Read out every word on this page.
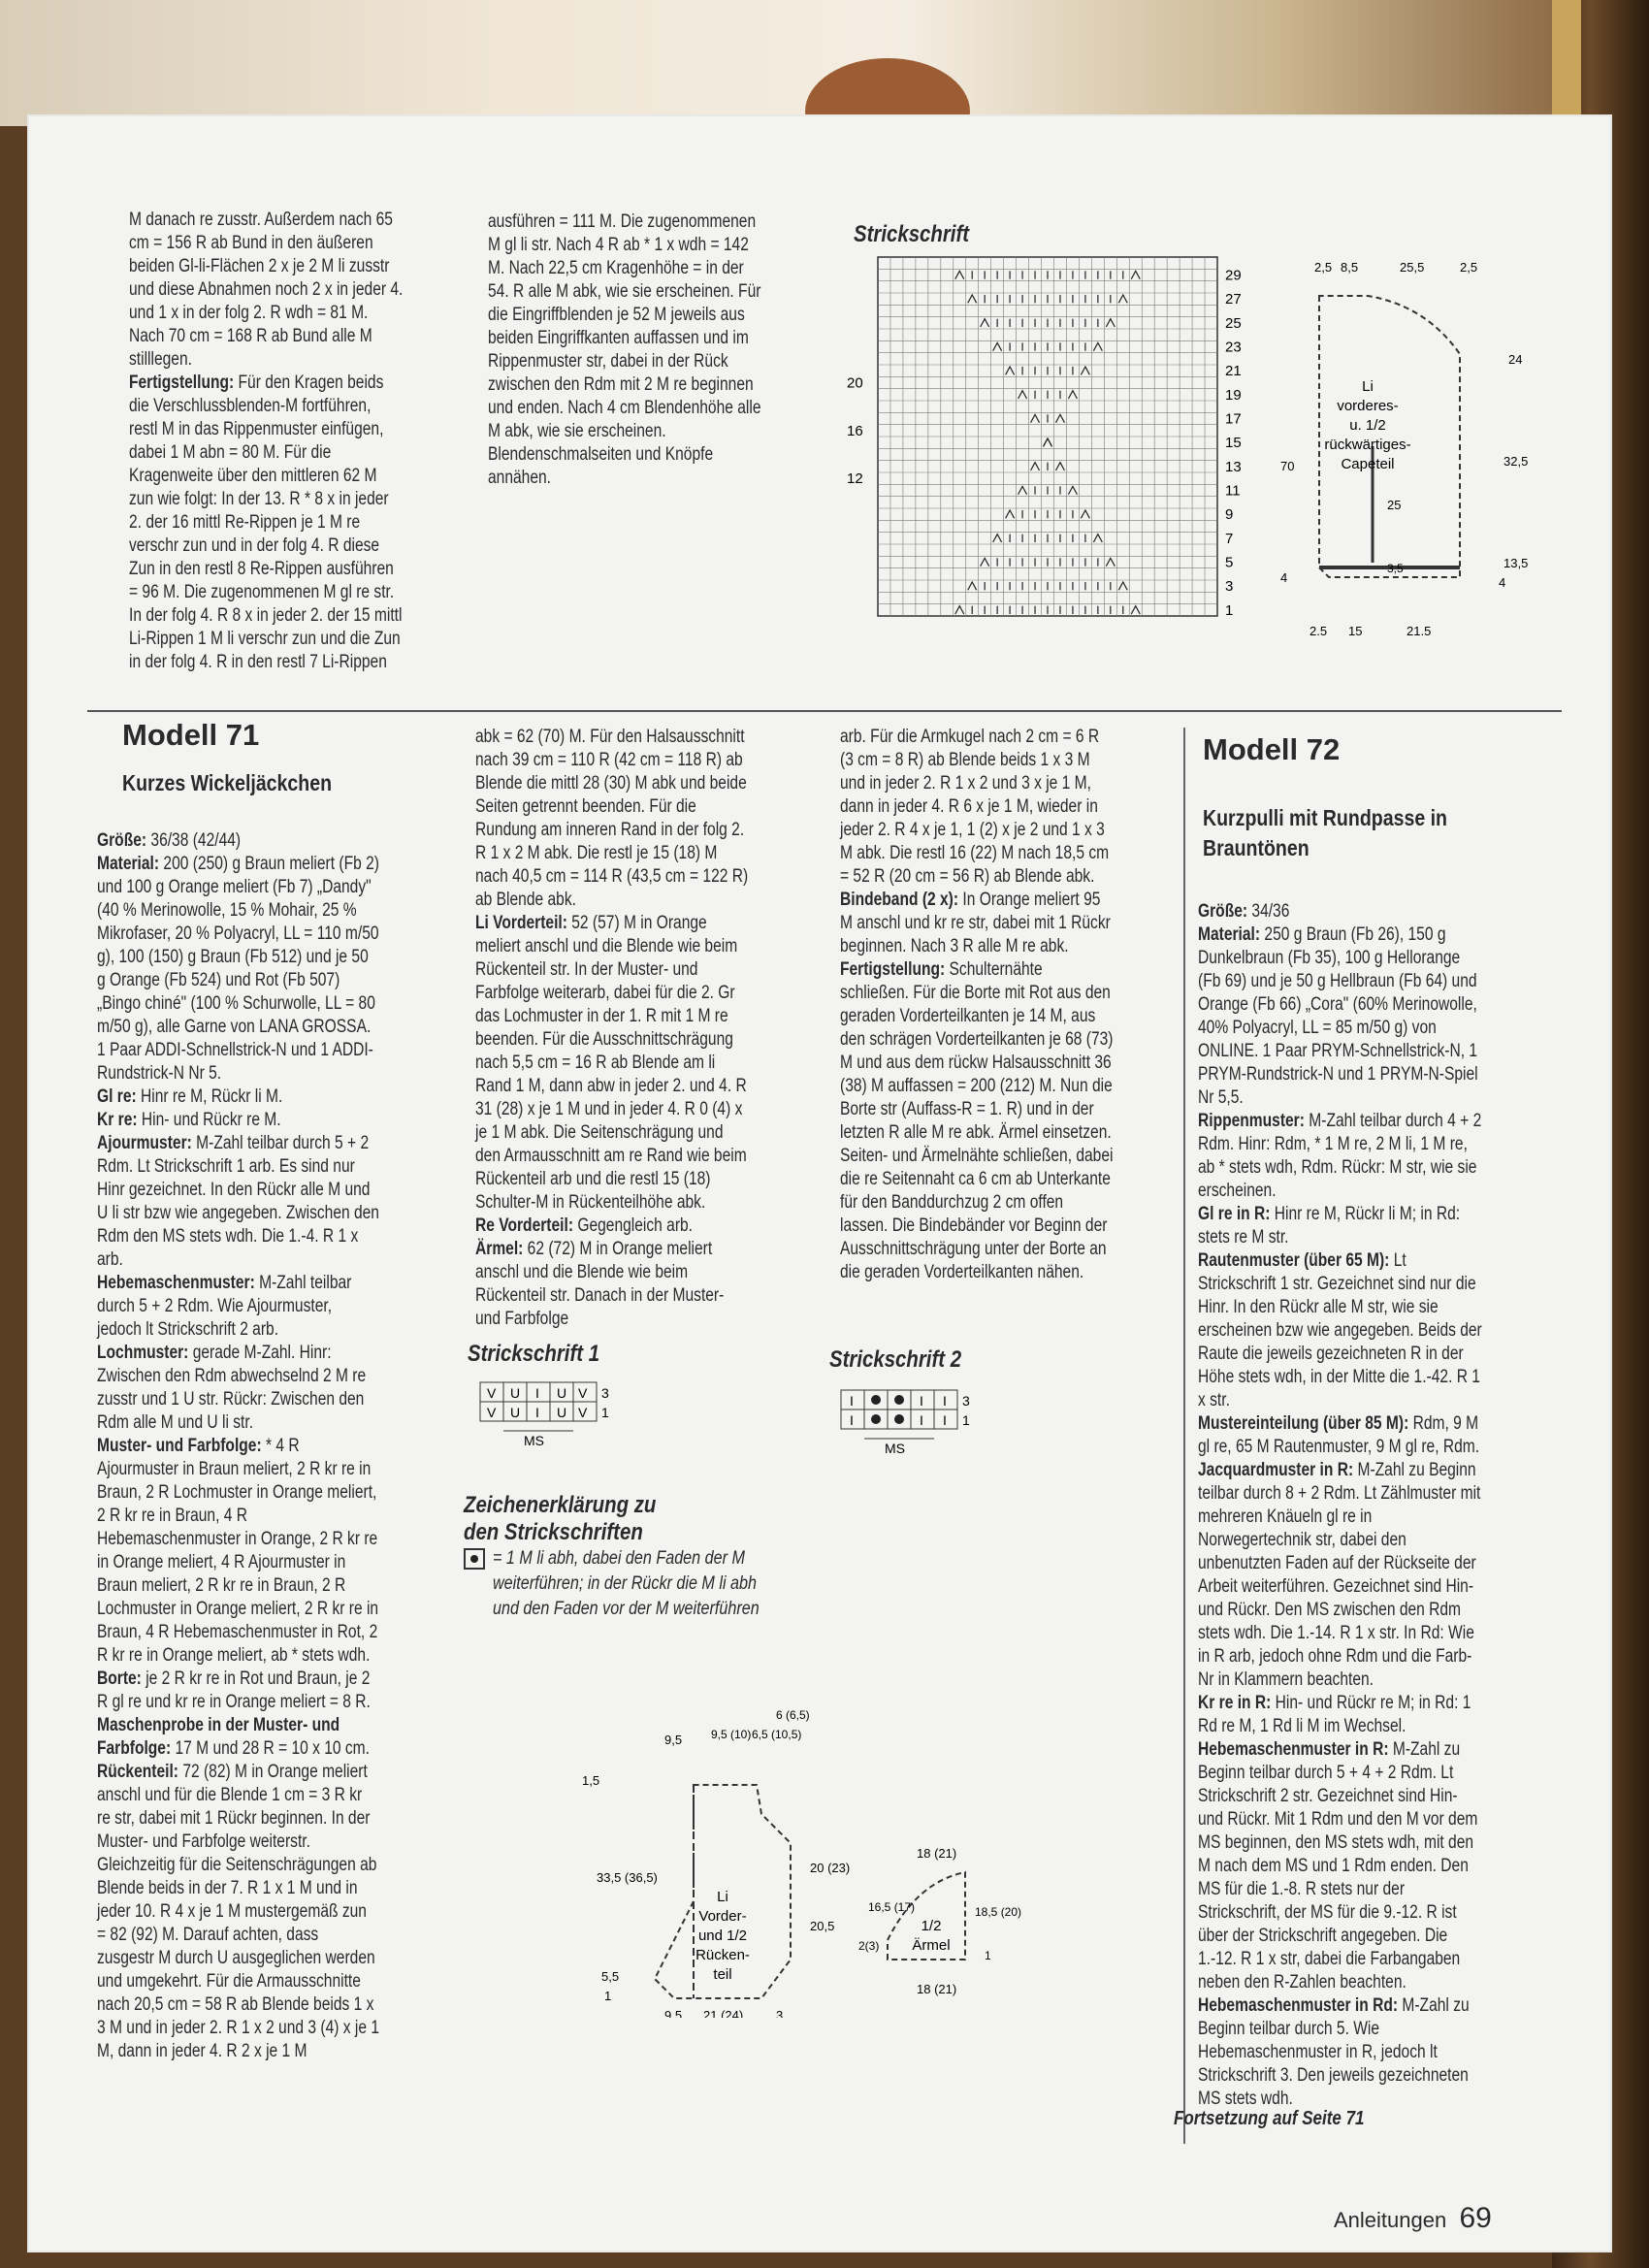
M danach re zusstr. Außerdem nach 65 cm = 156 R ab Bund in den äußeren beiden Gl-li-Flächen 2 x je 2 M li zusstr und diese Abnahmen noch 2 x in jeder 4. und 1 x in der folg 2. R wdh = 81 M. Nach 70 cm = 168 R ab Bund alle M stilllegen.

Fertigstellung: Für den Kragen beids die Verschlussblenden-M fortführen, restl M in das Rippenmuster einfügen, dabei 1 M abn = 80 M. Für die Kragenweite über den mittleren 62 M zun wie folgt: In der 13. R * 8 x in jeder 2. der 16 mittl Re-Rippen je 1 M re verschr zun und in der folg 4. R diese Zun in den restl 8 Re-Rippen ausführen = 96 M. Die zugenommenen M gl re str. In der folg 4. R 8 x in jeder 2. der 15 mittl Li-Rippen 1 M li verschr zun und die Zun in der folg 4. R in den restl 7 Li-Rippen

ausführen = 111 M. Die zugenommenen M gl li str. Nach 4 R ab * 1 x wdh = 142 M. Nach 22,5 cm Kragenhöhe = in der 54. R alle M abk, wie sie erscheinen. Für die Eingriffblenden je 52 M jeweils aus beiden Eingriffkanten auffassen und im Rippenmuster str, dabei in der Rück zwischen den Rdm mit 2 M re beginnen und enden. Nach 4 cm Blendenhöhe alle M abk, wie sie erscheinen. Blendenschmalseiten und Knöpfe annähen.

Strickschrift
29
27
25
23
21
19
17
15
13
11
9
7
5
3
1
20
16
12
Li
vorderes-
u. 1/2
rückwärtiges-
Capeteil
2,5 8,5	25,5	2,5
24
32,5
13,5
70
25
3,5
4	4
2,5 15	21,5
Modell 71
Kurzes Wickeljäckchen

Größe: 36/38 (42/44)

Material: 200 (250) g Braun meliert (Fb 2) und 100 g Orange meliert (Fb 7) „Dandy" (40 % Merinowolle, 15 % Mohair, 25 % Mikrofaser, 20 % Polyacryl, LL = 110 m/50 g), 100 (150) g Braun (Fb 512) und je 50 g Orange (Fb 524) und Rot (Fb 507) „Bingo chiné" (100 % Schurwolle, LL = 80 m/50 g), alle Garne von LANA GROSSA. 1 Paar ADDI-Schnellstrick-N und 1 ADDI-Rundstrick-N Nr 5.

Gl re: Hinr re M, Rückr li M.

Kr re: Hin- und Rückr re M.

Ajourmuster: M-Zahl teilbar durch 5 + 2 Rdm. Lt Strickschrift 1 arb. Es sind nur Hinr gezeichnet. In den Rückr alle M und U li str bzw wie angegeben. Zwischen den Rdm den MS stets wdh. Die 1.-4. R 1 x arb.

Hebemaschenmuster: M-Zahl teilbar durch 5 + 2 Rdm. Wie Ajourmuster, jedoch lt Strickschrift 2 arb.

Lochmuster: gerade M-Zahl. Hinr: Zwischen den Rdm abwechselnd 2 M re zusstr und 1 U str. Rückr: Zwischen den Rdm alle M und U li str.

Muster- und Farbfolge: * 4 R Ajourmuster in Braun meliert, 2 R kr re in Braun, 2 R Lochmuster in Orange meliert, 2 R kr re in Braun, 4 R Hebemaschenmuster in Orange, 2 R kr re in Orange meliert, 4 R Ajourmuster in Braun meliert, 2 R kr re in Braun, 2 R Lochmuster in Orange meliert, 2 R kr re in Braun, 4 R Hebemaschenmuster in Rot, 2 R kr re in Orange meliert, ab * stets wdh.

Borte: je 2 R kr re in Rot und Braun, je 2 R gl re und kr re in Orange meliert = 8 R.

Maschenprobe in der Muster- und Farbfolge: 17 M und 28 R = 10 x 10 cm.

Rückenteil: 72 (82) M in Orange meliert anschl und für die Blende 1 cm = 3 R kr re str, dabei mit 1 Rückr beginnen. In der Muster- und Farbfolge weiterstr. Gleichzeitig für die Seitenschrägungen ab Blende beids in der 7. R 1 x 1 M und in jeder 10. R 4 x je 1 M mustergemäß zun = 82 (92) M. Darauf achten, dass zusgestr M durch U ausgeglichen werden und umgekehrt. Für die Armausschnitte nach 20,5 cm = 58 R ab Blende beids 1 x 3 M und in jeder 2. R 1 x 2 und 3 (4) x je 1 M, dann in jeder 4. R 2 x je 1 M

abk = 62 (70) M. Für den Halsausschnitt nach 39 cm = 110 R (42 cm = 118 R) ab Blende die mittl 28 (30) M abk und beide Seiten getrennt beenden. Für die Rundung am inneren Rand in der folg 2. R 1 x 2 M abk. Die restl je 15 (18) M nach 40,5 cm = 114 R (43,5 cm = 122 R) ab Blende abk.

Li Vorderteil: 52 (57) M in Orange meliert anschl und die Blende wie beim Rückenteil str. In der Muster- und Farbfolge weiterarb, dabei für die 2. Gr das Lochmuster in der 1. R mit 1 M re beenden. Für die Ausschnittschrägung nach 5,5 cm = 16 R ab Blende am li Rand 1 M, dann abw in jeder 2. und 4. R 31 (28) x je 1 M und in jeder 4. R 0 (4) x je 1 M abk. Die Seitenschrägung und den Armausschnitt am re Rand wie beim Rückenteil arb und die restl 15 (18) Schulter-M in Rückenteilhöhe abk.

Re Vorderteil: Gegengleich arb.

Ärmel: 62 (72) M in Orange meliert anschl und die Blende wie beim Rückenteil str. Danach in der Muster- und Farbfolge

arb. Für die Armkugel nach 2 cm = 6 R (3 cm = 8 R) ab Blende beids 1 x 3 M und in jeder 2. R 1 x 2 und 3 x je 1 M, dann in jeder 4. R 6 x je 1 M, wieder in jeder 2. R 4 x je 1, 1 (2) x je 2 und 1 x 3 M abk. Die restl 16 (22) M nach 18,5 cm = 52 R (20 cm = 56 R) ab Blende abk.

Bindeband (2 x): In Orange meliert 95 M anschl und kr re str, dabei mit 1 Rückr beginnen. Nach 3 R alle M re abk.

Fertigstellung: Schulternähte schließen. Für die Borte mit Rot aus den geraden Vorderteilkanten je 14 M, aus den schrägen Vorderteilkanten je 68 (73) M und aus dem rückw Halsausschnitt 36 (38) M auffassen = 200 (212) M. Nun die Borte str (Auffass-R = 1. R) und in der letzten R alle M re abk. Ärmel einsetzen. Seiten- und Ärmelnähte schließen, dabei die re Seitennaht ca 6 cm ab Unterkante für den Banddurchzug 2 cm offen lassen. Die Bindebänder vor Beginn der Ausschnittschrägung unter der Borte an die geraden Vorderteilkanten nähen.

Strickschrift 1
V U I U V
V U I U V
3
1
MS
Strickschrift 2
I	I I
I	I I
3
1
MS
Zeichenerklärung zu den Strickschriften
= 1 M li abh, dabei den Faden der M weiterführen; in der Rückr die M li abh und den Faden vor der M weiterführen
Li
Vorder-
und 1/2
Rücken-
teil
9,5 9,5 (10) 6,5 (10,5)
6 (6,5)
1,5
20 (23)
33,5 (36,5)
20,5
5,5
1
9,5 21 (24)	3
1/2
Ärmel
18 (21)
16,5 (17)	18,5 (20)
2(3)
1
18 (21)
Modell 72
Kurzpulli mit Rundpasse in Brauntönen

Größe: 34/36

Material: 250 g Braun (Fb 26), 150 g Dunkelbraun (Fb 35), 100 g Hellorange (Fb 69) und je 50 g Hellbraun (Fb 64) und Orange (Fb 66) „Cora" (60% Merinowolle, 40% Polyacryl, LL = 85 m/50 g) von ONLINE. 1 Paar PRYM-Schnellstrick-N, 1 PRYM-Rundstrick-N und 1 PRYM-N-Spiel Nr 5,5.

Rippenmuster: M-Zahl teilbar durch 4 + 2 Rdm. Hinr: Rdm, * 1 M re, 2 M li, 1 M re, ab * stets wdh, Rdm. Rückr: M str, wie sie erscheinen.

Gl re in R: Hinr re M, Rückr li M; in Rd: stets re M str.

Rautenmuster (über 65 M): Lt Strickschrift 1 str. Gezeichnet sind nur die Hinr. In den Rückr alle M str, wie sie erscheinen bzw wie angegeben. Beids der Raute die jeweils gezeichneten R in der Höhe stets wdh, in der Mitte die 1.-42. R 1 x str.

Mustereinteilung (über 85 M): Rdm, 9 M gl re, 65 M Rautenmuster, 9 M gl re, Rdm.

Jacquardmuster in R: M-Zahl zu Beginn teilbar durch 8 + 2 Rdm. Lt Zählmuster mit mehreren Knäueln gl re in Norwegertechnik str, dabei den unbenutzten Faden auf der Rückseite der Arbeit weiterführen. Gezeichnet sind Hin- und Rückr. Den MS zwischen den Rdm stets wdh. Die 1.-14. R 1 x str. In Rd: Wie in R arb, jedoch ohne Rdm und die Farb-Nr in Klammern beachten.

Kr re in R: Hin- und Rückr re M; in Rd: 1 Rd re M, 1 Rd li M im Wechsel.

Hebemaschenmuster in R: M-Zahl zu Beginn teilbar durch 5 + 4 + 2 Rdm. Lt Strickschrift 2 str. Gezeichnet sind Hin- und Rückr. Mit 1 Rdm und den M vor dem MS beginnen, den MS stets wdh, mit den M nach dem MS und 1 Rdm enden. Den MS für die 1.-8. R stets nur der Strickschrift, der MS für die 9.-12. R ist über der Strickschrift angegeben. Die 1.-12. R 1 x str, dabei die Farbangaben neben den R-Zahlen beachten.

Hebemaschenmuster in Rd: M-Zahl zu Beginn teilbar durch 5. Wie Hebemaschenmuster in R, jedoch lt Strickschrift 3. Den jeweils gezeichneten MS stets wdh.

Fortsetzung auf Seite 71
Anleitungen 69
